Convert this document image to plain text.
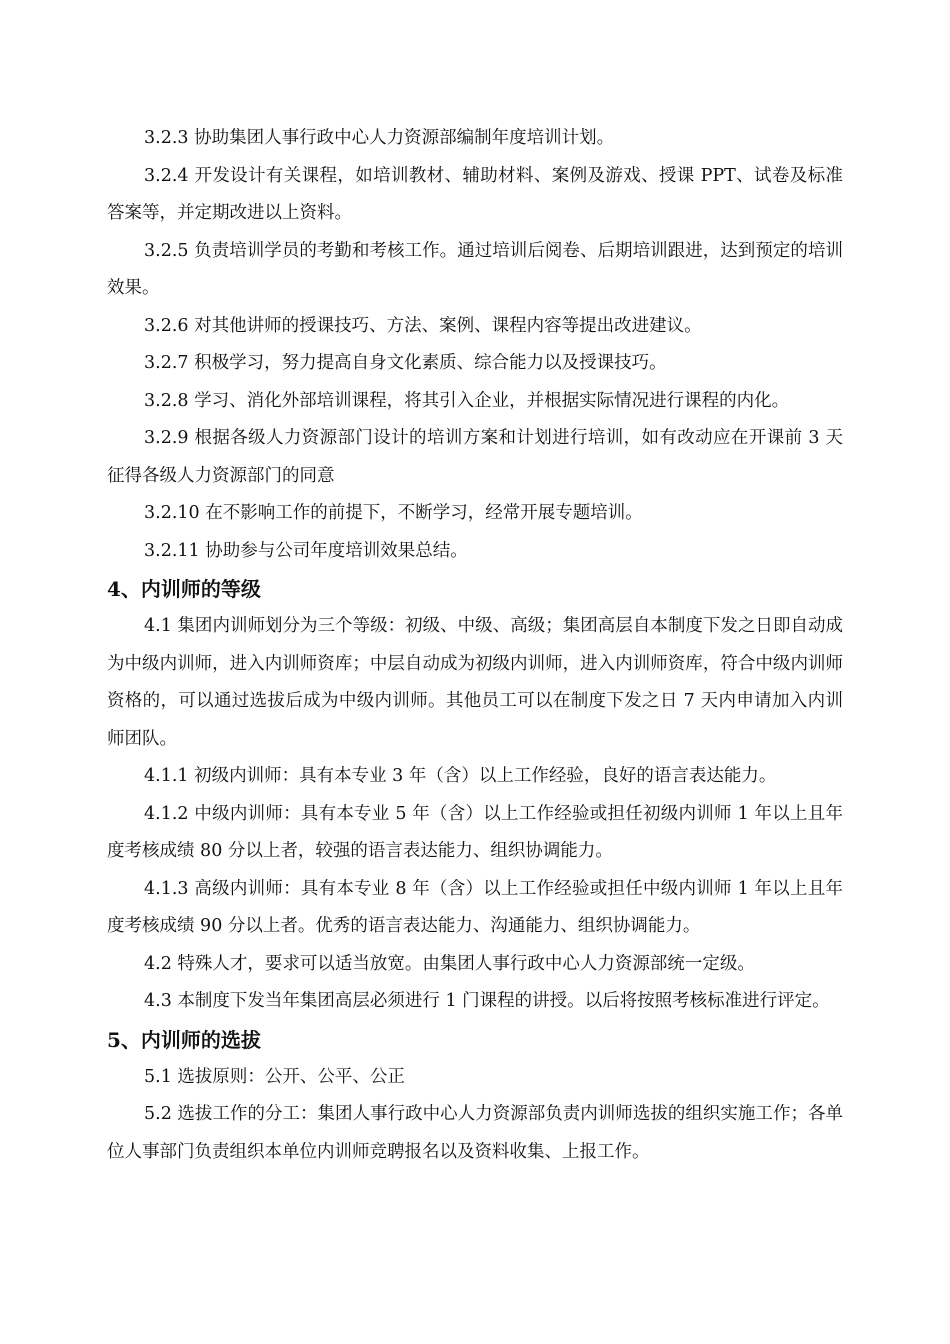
3.2.3 协助集团人事行政中心人力资源部编制年度培训计划。

3.2.4 开发设计有关课程，如培训教材、辅助材料、案例及游戏、授课 PPT、试卷及标准答案等，并定期改进以上资料。

3.2.5 负责培训学员的考勤和考核工作。通过培训后阅卷、后期培训跟进，达到预定的培训效果。

3.2.6 对其他讲师的授课技巧、方法、案例、课程内容等提出改进建议。

3.2.7 积极学习，努力提高自身文化素质、综合能力以及授课技巧。

3.2.8 学习、消化外部培训课程，将其引入企业，并根据实际情况进行课程的内化。

3.2.9 根据各级人力资源部门设计的培训方案和计划进行培训，如有改动应在开课前 3 天征得各级人力资源部门的同意

3.2.10 在不影响工作的前提下，不断学习，经常开展专题培训。

3.2.11 协助参与公司年度培训效果总结。

4、内训师的等级

4.1 集团内训师划分为三个等级：初级、中级、高级；集团高层自本制度下发之日即自动成为中级内训师，进入内训师资库；中层自动成为初级内训师，进入内训师资库，符合中级内训师资格的，可以通过选拔后成为中级内训师。其他员工可以在制度下发之日 7 天内申请加入内训师团队。

4.1.1 初级内训师：具有本专业 3 年（含）以上工作经验，良好的语言表达能力。

4.1.2 中级内训师：具有本专业 5 年（含）以上工作经验或担任初级内训师 1 年以上且年度考核成绩 80 分以上者，较强的语言表达能力、组织协调能力。

4.1.3 高级内训师：具有本专业 8 年（含）以上工作经验或担任中级内训师 1 年以上且年度考核成绩 90 分以上者。优秀的语言表达能力、沟通能力、组织协调能力。

4.2 特殊人才，要求可以适当放宽。由集团人事行政中心人力资源部统一定级。

4.3 本制度下发当年集团高层必须进行 1 门课程的讲授。以后将按照考核标准进行评定。

5、内训师的选拔

5.1 选拔原则：公开、公平、公正

5.2 选拔工作的分工：集团人事行政中心人力资源部负责内训师选拔的组织实施工作；各单位人事部门负责组织本单位内训师竞聘报名以及资料收集、上报工作。
